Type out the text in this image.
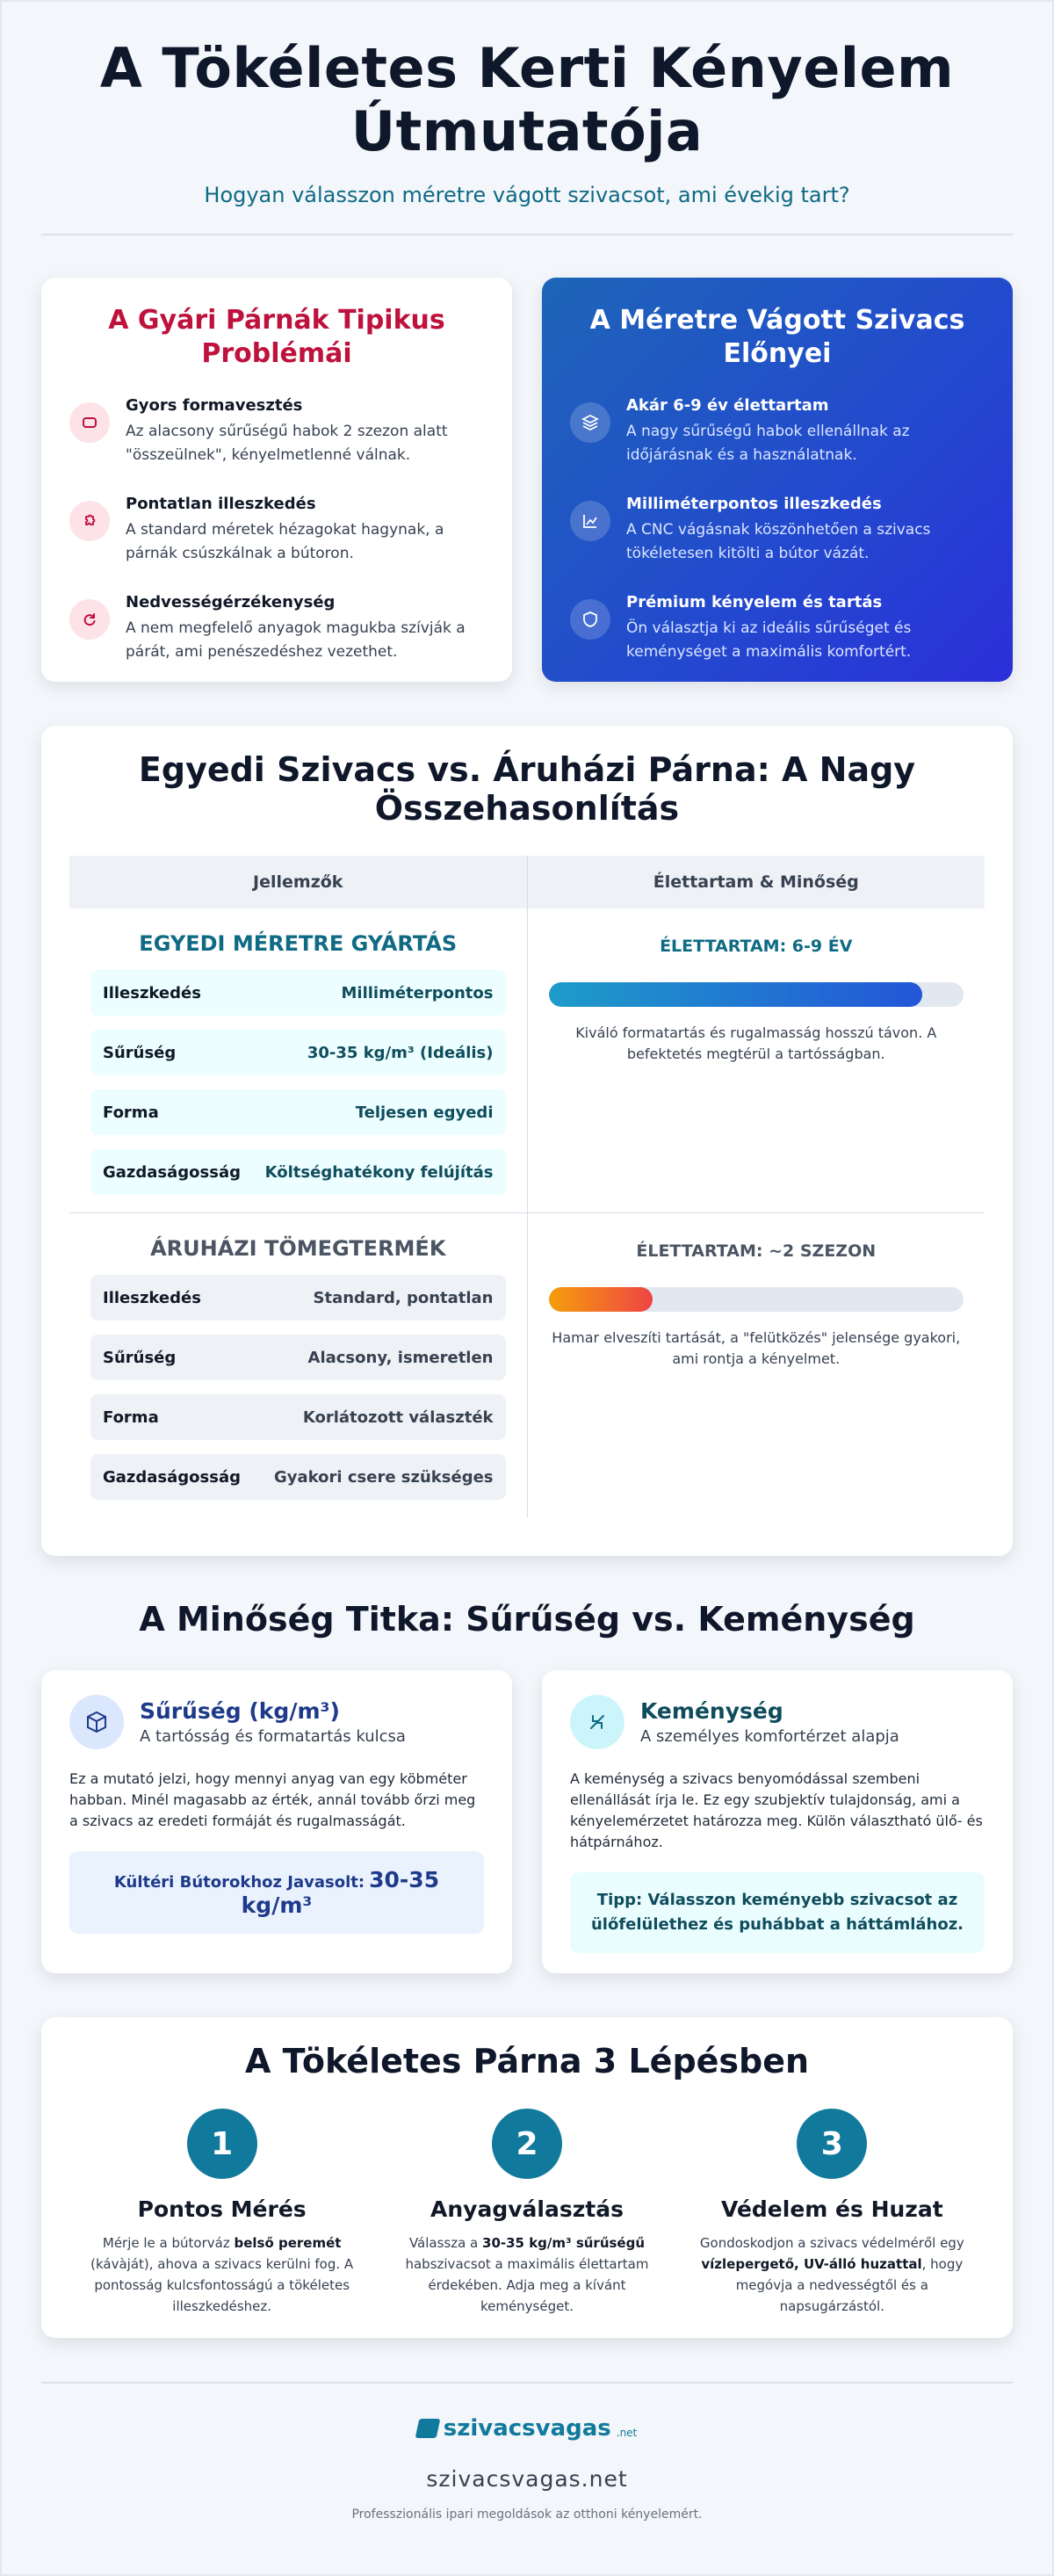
A Tökéletes Kerti Kényelem Útmutatója
Hogyan válasszon méretre vágott szivacsot, ami évekig tart?
A Gyári Párnák Tipikus Problémái
Gyors formavesztés
Az alacsony sűrűségű habok 2 szezon alatt "összeülnek", kényelmetlenné válnak.
Pontatlan illeszkedés
A standard méretek hézagokat hagynak, a párnák csúszkálnak a bútoron.
Nedvességérzékenység
A nem megfelelő anyagok magukba szívják a párát, ami penészedéshez vezethet.
A Méretre Vágott Szivacs Előnyei
Akár 6-9 év élettartam
A nagy sűrűségű habok ellenállnak az időjárásnak és a használatnak.
Milliméterpontos illeszkedés
A CNC vágásnak köszönhetően a szivacs tökéletesen kitölti a bútor vázát.
Prémium kényelem és tartás
Ön választja ki az ideális sűrűséget és keménységet a maximális komfortért.
Egyedi Szivacs vs. Áruházi Párna: A Nagy Összehasonlítás
Jellemzők	Élettartam & Minőség
EGYEDI MÉRETRE GYÁRTÁS
Illeszkedés	Milliméterpontos
Sűrűség	30-35 kg/m³ (Ideális)
Forma	Teljesen egyedi
Gazdaságosság Költséghatékony felújítás
ÉLETTARTAM: 6-9 ÉV
Kiváló formatartás és rugalmasság hosszú távon. A befektetés megtérül a tartósságban.
ÁRUHÁZI TÖMEGTERMÉK
Illeszkedés	Standard, pontatlan
Sűrűség	Alacsony, ismeretlen
Forma	Korlátozott választék
Gazdaságosság Gyakori csere szükséges
ÉLETTARTAM: ~2 SZEZON
Hamar elveszíti tartását, a "felütközés" jelensége gyakori, ami rontja a kényelmet.
A Minőség Titka: Sűrűség vs. Keménység
Sűrűség (kg/m³)
A tartósság és formatartás kulcsa
Ez a mutató jelzi, hogy mennyi anyag van egy köbméter habban. Minél magasabb az érték, annál tovább őrzi meg a szivacs az eredeti formáját és rugalmasságát.
Kültéri Bútorokhoz Javasolt: 30-35 kg/m³
Keménység
A személyes komfortérzet alapja
A keménység a szivacs benyomódással szembeni ellenállását írja le. Ez egy szubjektív tulajdonság, ami a kényelemérzetet határozza meg. Külön választható ülő- és hátpárnához.
Tipp: Válasszon keményebb szivacsot az ülőfelülethez és puhábbat a háttámlához.
A Tökéletes Párna 3 Lépésben
1
Pontos Mérés
Mérje le a bútorváz belső peremét (kávàját), ahova a szivacs kerülni fog. A pontosság kulcsfontosságú a tökéletes illeszkedéshez.
2
Anyagválasztás
Válassza a 30-35 kg/m³ sűrűségű habszivacsot a maximális élettartam érdekében. Adja meg a kívánt keménységet.
3
Védelem és Huzat
Gondoskodjon a szivacs védelméről egy vízlepergető, UV-álló huzattal, hogy megóvja a nedvességtől és a napsugárzástól.
szivacsvagas .net
szivacsvagas.net
Professzionális ipari megoldások az otthoni kényelemért.
